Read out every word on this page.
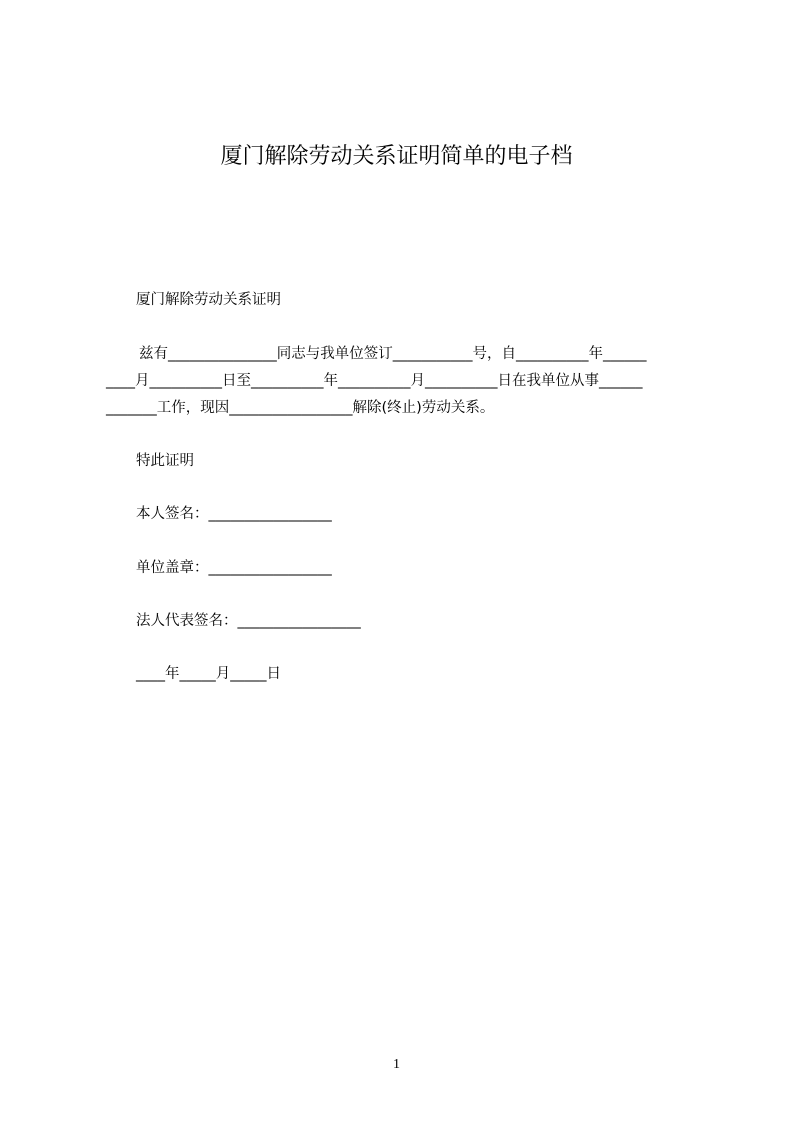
厦门解除劳动关系证明简单的电子档
厦门解除劳动关系证明
兹有_______________同志与我单位签订___________号，自__________年______
____月__________日至__________年__________月__________日在我单位从事______
_______工作，现因_________________解除(终止)劳动关系。
特此证明
本人签名：_________________
单位盖章：_________________
法人代表签名：_________________
____年_____月_____日
1
